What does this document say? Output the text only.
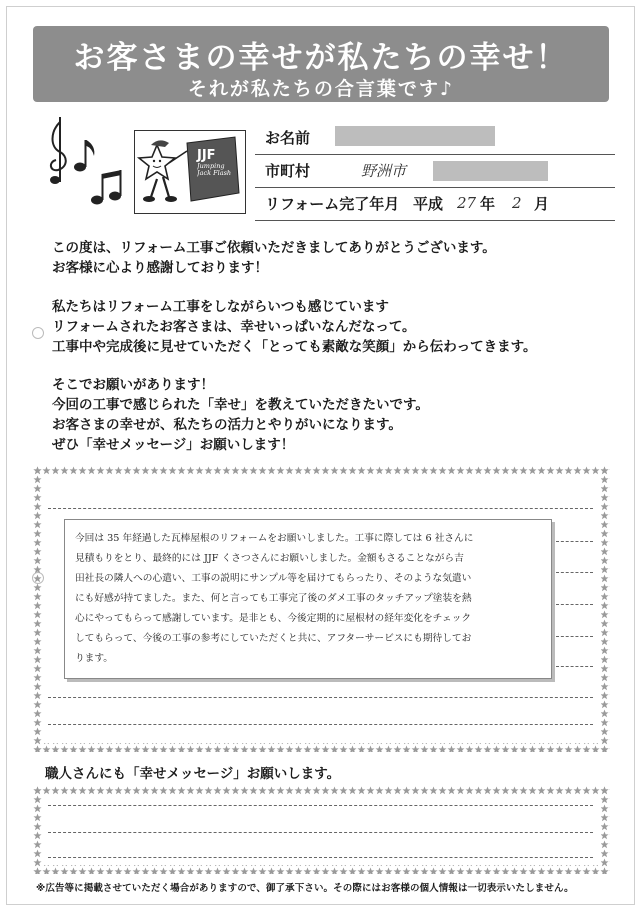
お客さまの幸せが私たちの幸せ！
それが私たちの合言葉です♪
JJF
Jumping Jack Flash
お名前
市町村	野洲市
リフォーム完了年月 平成 27 年 2 月

この度は、リフォーム工事ご依頼いただきましてありがとうございます。

お客様に心より感謝しております！

私たちはリフォーム工事をしながらいつも感じています

リフォームされたお客さまは、幸せいっぱいなんだなって。

工事中や完成後に見せていただく「とっても素敵な笑顔」から伝わってきます。

そこでお願いがあります！

今回の工事で感じられた「幸せ」を教えていただきたいです。

お客さまの幸せが、私たちの活力とやりがいになります。

ぜひ「幸せメッセージ」お願いします！

今回は 35 年経過した瓦棒屋根のリフォームをお願いしました。工事に際しては 6 社さんに

見積もりをとり、最終的には JJF くさつさんにお願いしました。金額もさることながら吉

田社長の隣人への心遣い、工事の説明にサンプル等を届けてもらったり、そのような気遣い

にも好感が持てました。また、何と言っても工事完了後のダメ工事のタッチアップ塗装を熱

心にやってもらって感謝しています。是非とも、今後定期的に屋根材の経年変化をチェック

してもらって、今後の工事の参考にしていただくと共に、アフターサービスにも期待してお

ります。

職人さんにも「幸せメッセージ」お願いします。
※広告等に掲載させていただく場合がありますので、御了承下さい。その際にはお客様の個人情報は一切表示いたしません。
